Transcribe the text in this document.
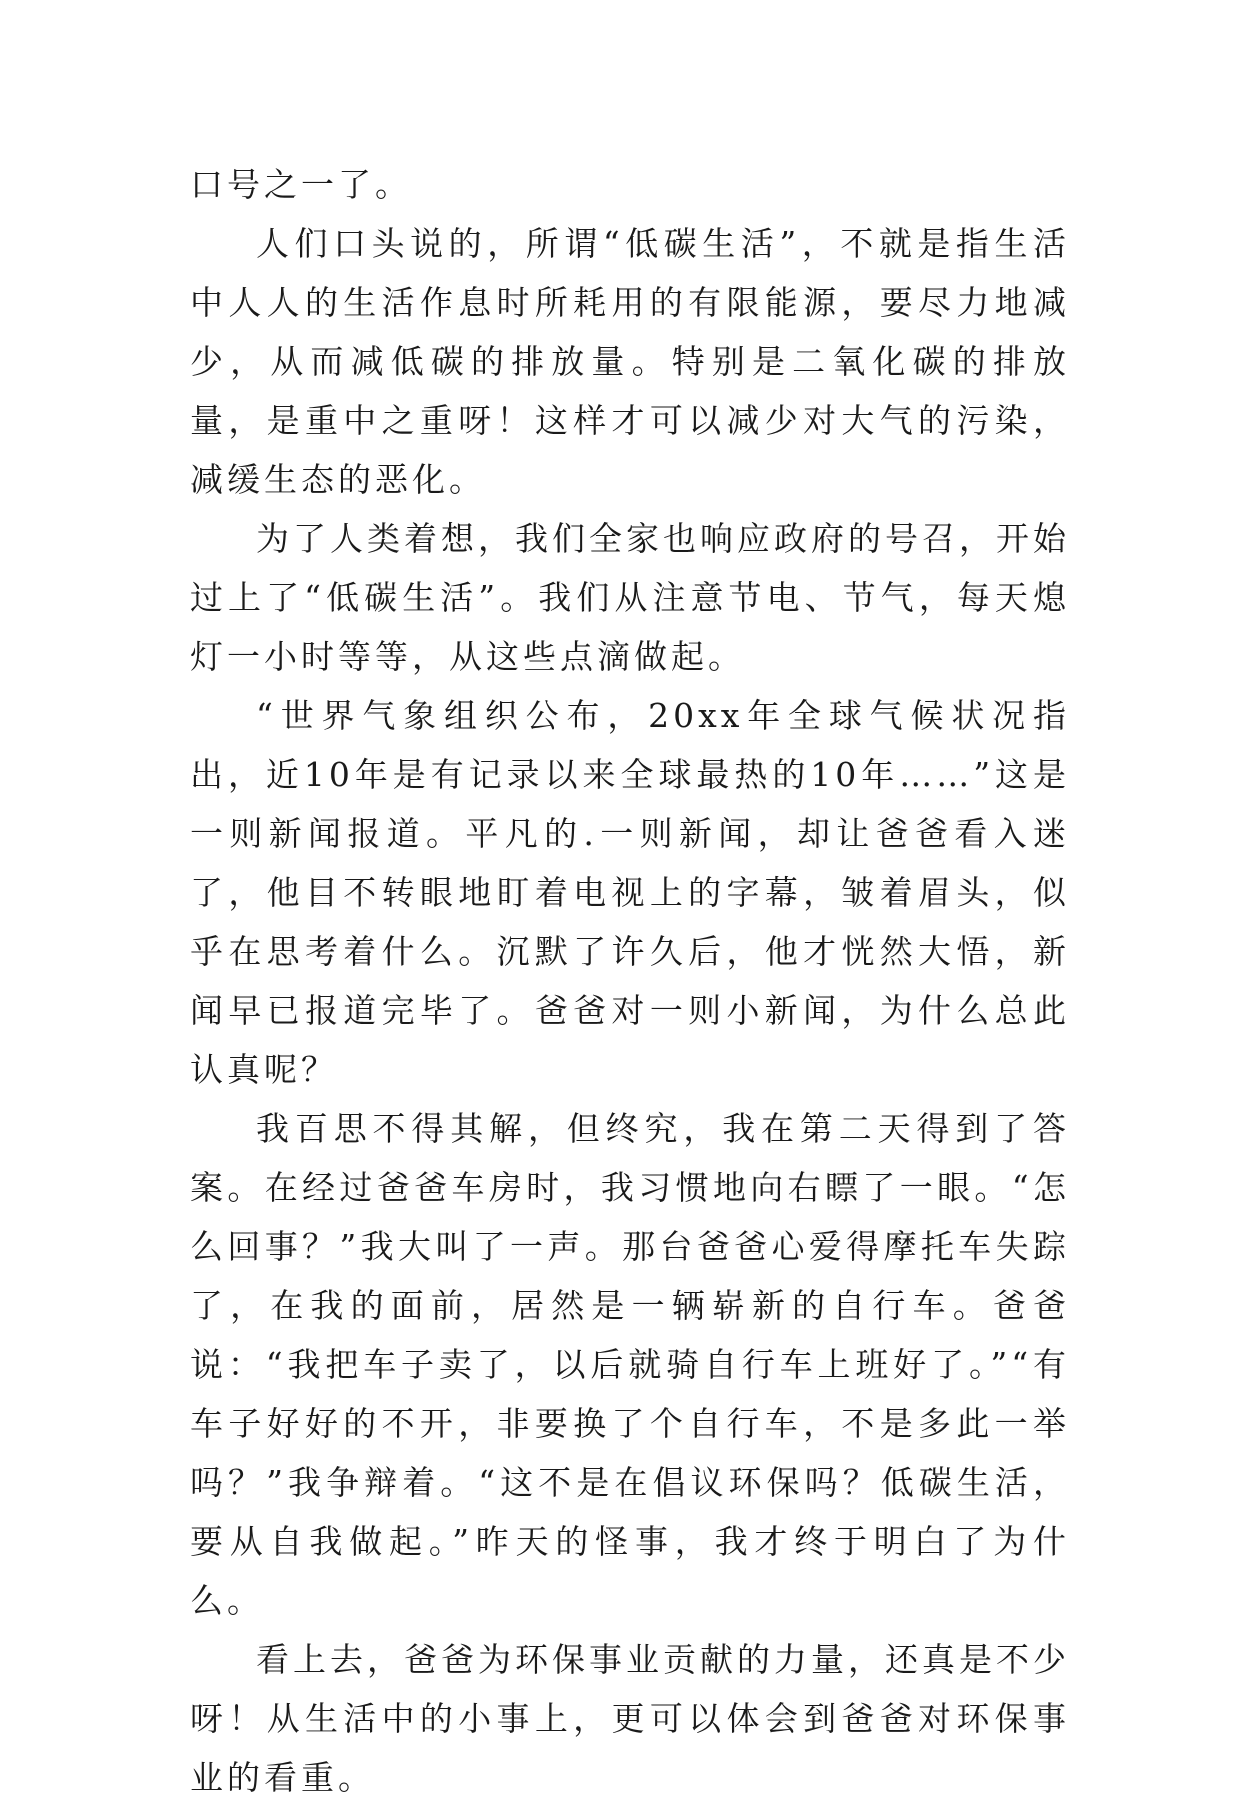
口号之一了。

人们口头说的，所谓“低碳生活”，不就是指生活中人人的生活作息时所耗用的有限能源，要尽力地减少，从而减低碳的排放量。特别是二氧化碳的排放量，是重中之重呀！这样才可以减少对大气的污染，减缓生态的恶化。

为了人类着想，我们全家也响应政府的号召，开始过上了“低碳生活”。我们从注意节电、节气，每天熄灯一小时等等，从这些点滴做起。

“世界气象组织公布，20xx年全球气候状况指出，近10年是有记录以来全球最热的10年……”这是一则新闻报道。平凡的.一则新闻，却让爸爸看入迷了，他目不转眼地盯着电视上的字幕，皱着眉头，似乎在思考着什么。沉默了许久后，他才恍然大悟，新闻早已报道完毕了。爸爸对一则小新闻，为什么总此认真呢？

我百思不得其解，但终究，我在第二天得到了答案。在经过爸爸车房时，我习惯地向右瞟了一眼。“怎么回事？”我大叫了一声。那台爸爸心爱得摩托车失踪了，在我的面前，居然是一辆崭新的自行车。爸爸说：“我把车子卖了，以后就骑自行车上班好了。”“有车子好好的不开，非要换了个自行车，不是多此一举吗？”我争辩着。“这不是在倡议环保吗？低碳生活，要从自我做起。”昨天的怪事，我才终于明白了为什么。

看上去，爸爸为环保事业贡献的力量，还真是不少呀！从生活中的小事上，更可以体会到爸爸对环保事业的看重。
